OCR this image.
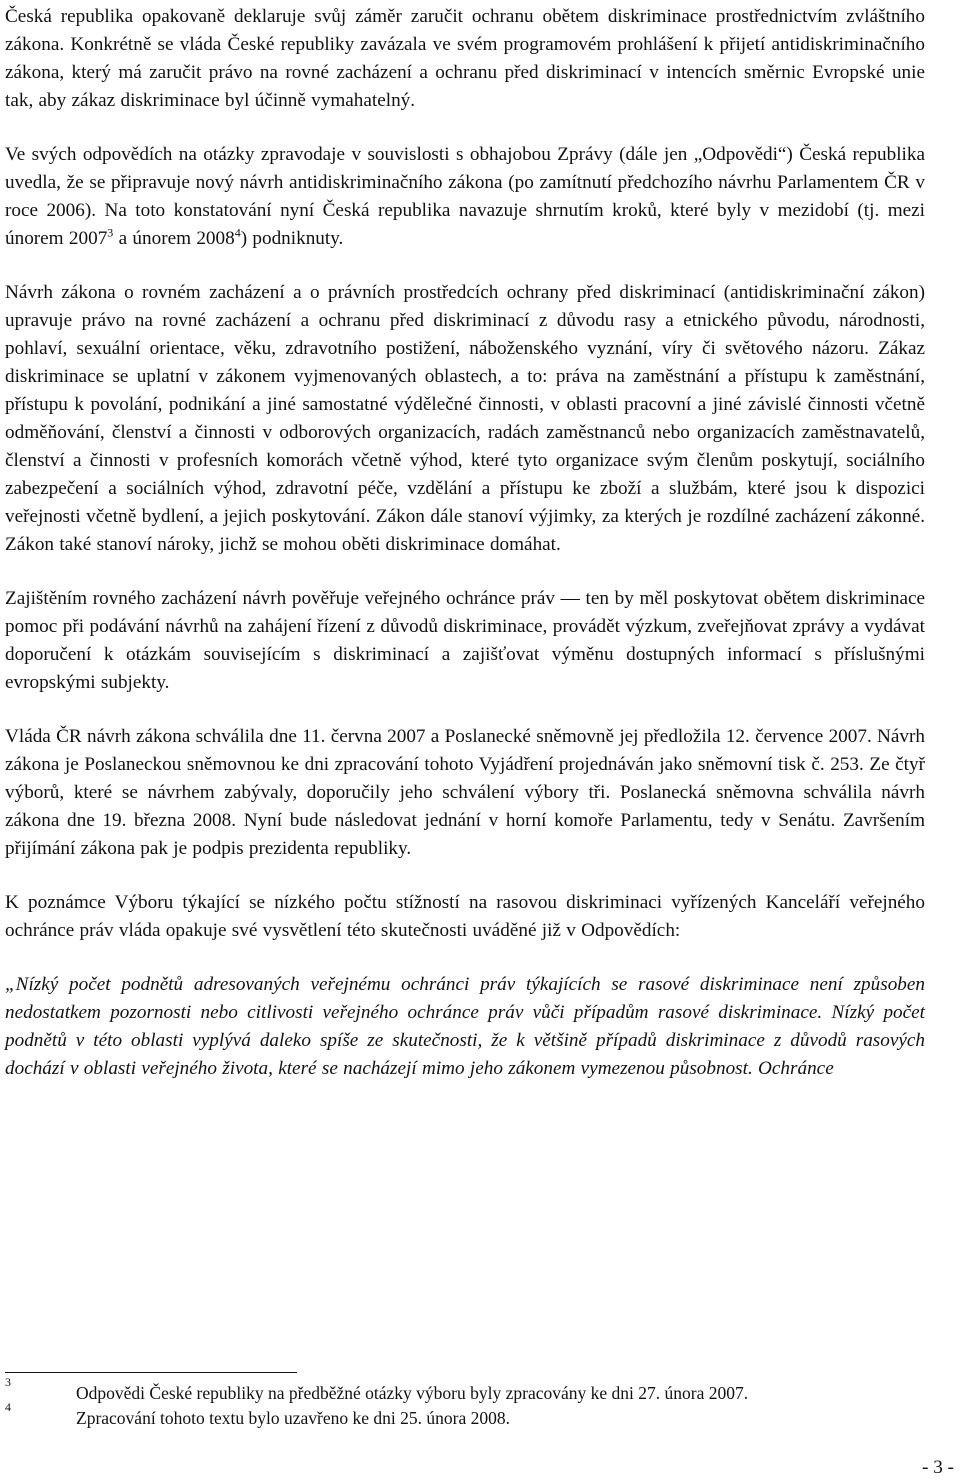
Česká republika opakovaně deklaruje svůj záměr zaručit ochranu obětem diskriminace prostřednictvím zvláštního zákona. Konkrétně se vláda České republiky zavázala ve svém programovém prohlášení k přijetí antidiskriminačního zákona, který má zaručit právo na rovné zacházení a ochranu před diskriminací v intencích směrnic Evropské unie tak, aby zákaz diskriminace byl účinně vymahatelný.

Ve svých odpovědích na otázky zpravodaje v souvislosti s obhajobou Zprávy (dále jen „Odpovědi“) Česká republika uvedla, že se připravuje nový návrh antidiskriminačního zákona (po zamítnutí předchozího návrhu Parlamentem ČR v roce 2006). Na toto konstatování nyní Česká republika navazuje shrnutím kroků, které byly v mezidobí (tj. mezi únorem 2007$^3$ a únorem 2008$^4$) podniknuty.

Návrh zákona o rovném zacházení a o právních prostředcích ochrany před diskriminací (antidiskriminační zákon) upravuje právo na rovné zacházení a ochranu před diskriminací z důvodu rasy a etnického původu, národnosti, pohlaví, sexuální orientace, věku, zdravotního postižení, náboženského vyznání, víry či světového názoru. Zákaz diskriminace se uplatní v zákonem vyjmenovaných oblastech, a to: práva na zaměstnání a přístupu k zaměstnání, přístupu k povolání, podnikání a jiné samostatné výdělečné činnosti, v oblasti pracovní a jiné závislé činnosti včetně odměňování, členství a činnosti v odborových organizacích, radách zaměstnanců nebo organizacích zaměstnavatelů, členství a činnosti v profesních komorách včetně výhod, které tyto organizace svým členům poskytují, sociálního zabezpečení a sociálních výhod, zdravotní péče, vzdělání a přístupu ke zboží a službám, které jsou k dispozici veřejnosti včetně bydlení, a jejich poskytování. Zákon dále stanoví výjimky, za kterých je rozdílné zacházení zákonné. Zákon také stanoví nároky, jichž se mohou oběti diskriminace domáhat.

Zajištěním rovného zacházení návrh pověřuje veřejného ochránce práv — ten by měl poskytovat obětem diskriminace pomoc při podávání návrhů na zahájení řízení z důvodů diskriminace, provádět výzkum, zveřejňovat zprávy a vydávat doporučení k otázkám souvisejícím s diskriminací a zajišťovat výměnu dostupných informací s příslušnými evropskými subjekty.

Vláda ČR návrh zákona schválila dne 11. června 2007 a Poslanecké sněmovně jej předložila 12. července 2007. Návrh zákona je Poslaneckou sněmovnou ke dni zpracování tohoto Vyjádření projednáván jako sněmovní tisk č. 253. Ze čtyř výborů, které se návrhem zabývaly, doporučily jeho schválení výbory tři. Poslanecká sněmovna schválila návrh zákona dne 19. března 2008. Nyní bude následovat jednání v horní komoře Parlamentu, tedy v Senátu. Završením přijímání zákona pak je podpis prezidenta republiky.

K poznámce Výboru týkající se nízkého počtu stížností na rasovou diskriminaci vyřízených Kanceláří veřejného ochránce práv vláda opakuje své vysvětlení této skutečnosti uváděné již v Odpovědích:

„Nízký počet podnětů adresovaných veřejnému ochránci práv týkajících se rasové diskriminace není způsoben nedostatkem pozornosti nebo citlivosti veřejného ochránce práv vůči případům rasové diskriminace. Nízký počet podnětů v této oblasti vyplývá daleko spíše ze skutečnosti, že k většině případů diskriminace z důvodů rasových dochází v oblasti veřejného života, které se nacházejí mimo jeho zákonem vymezenou působnost. Ochránce

3
Odpovědi České republiky na předběžné otázky výboru byly zpracovány ke dni 27. února 2007.

4
Zpracování tohoto textu bylo uzavřeno ke dni 25. února 2008.

- 3 -
